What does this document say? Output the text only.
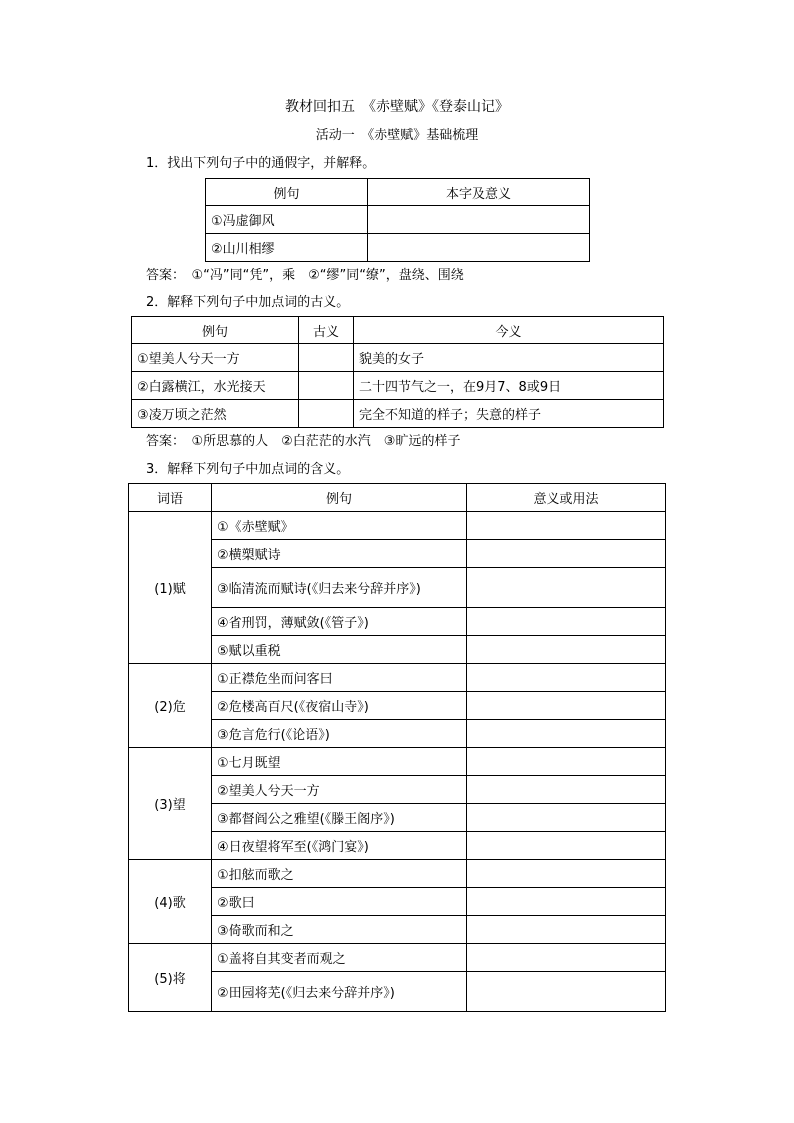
教材回扣五　《赤壁赋》《登泰山记》
活动一　《赤壁赋》基础梳理
1．找出下列句子中的通假字，并解释。
例句	本字及意义
①冯虚御风	
②山川相缪	
答案：　①“冯”同“凭”，乘　②“缪”同“缭”，盘绕、围绕
2．解释下列句子中加点词的古义。
例句	古义	今义
①望美人兮天一方		貌美的女子
②白露横江，水光接天		二十四节气之一，在9月7、8或9日
③凌万顷之茫然		完全不知道的样子；失意的样子
答案：　①所思慕的人　②白茫茫的水汽　③旷远的样子
3．解释下列句子中加点词的含义。
词语	例句	意义或用法
(1)赋	①《赤壁赋》	
	②横槊赋诗	
	③临清流而赋诗(《归去来兮辞并序》)	
	④省刑罚，薄赋敛(《管子》)	
	⑤赋以重税	
(2)危	①正襟危坐而问客曰	
	②危楼高百尺(《夜宿山寺》)	
	③危言危行(《论语》)	
(3)望	①七月既望	
	②望美人兮天一方	
	③都督阎公之雅望(《滕王阁序》)	
	④日夜望将军至(《鸿门宴》)	
(4)歌	①扣舷而歌之	
	②歌曰	
	③倚歌而和之	
(5)将	①盖将自其变者而观之	
	②田园将芜(《归去来兮辞并序》)	
